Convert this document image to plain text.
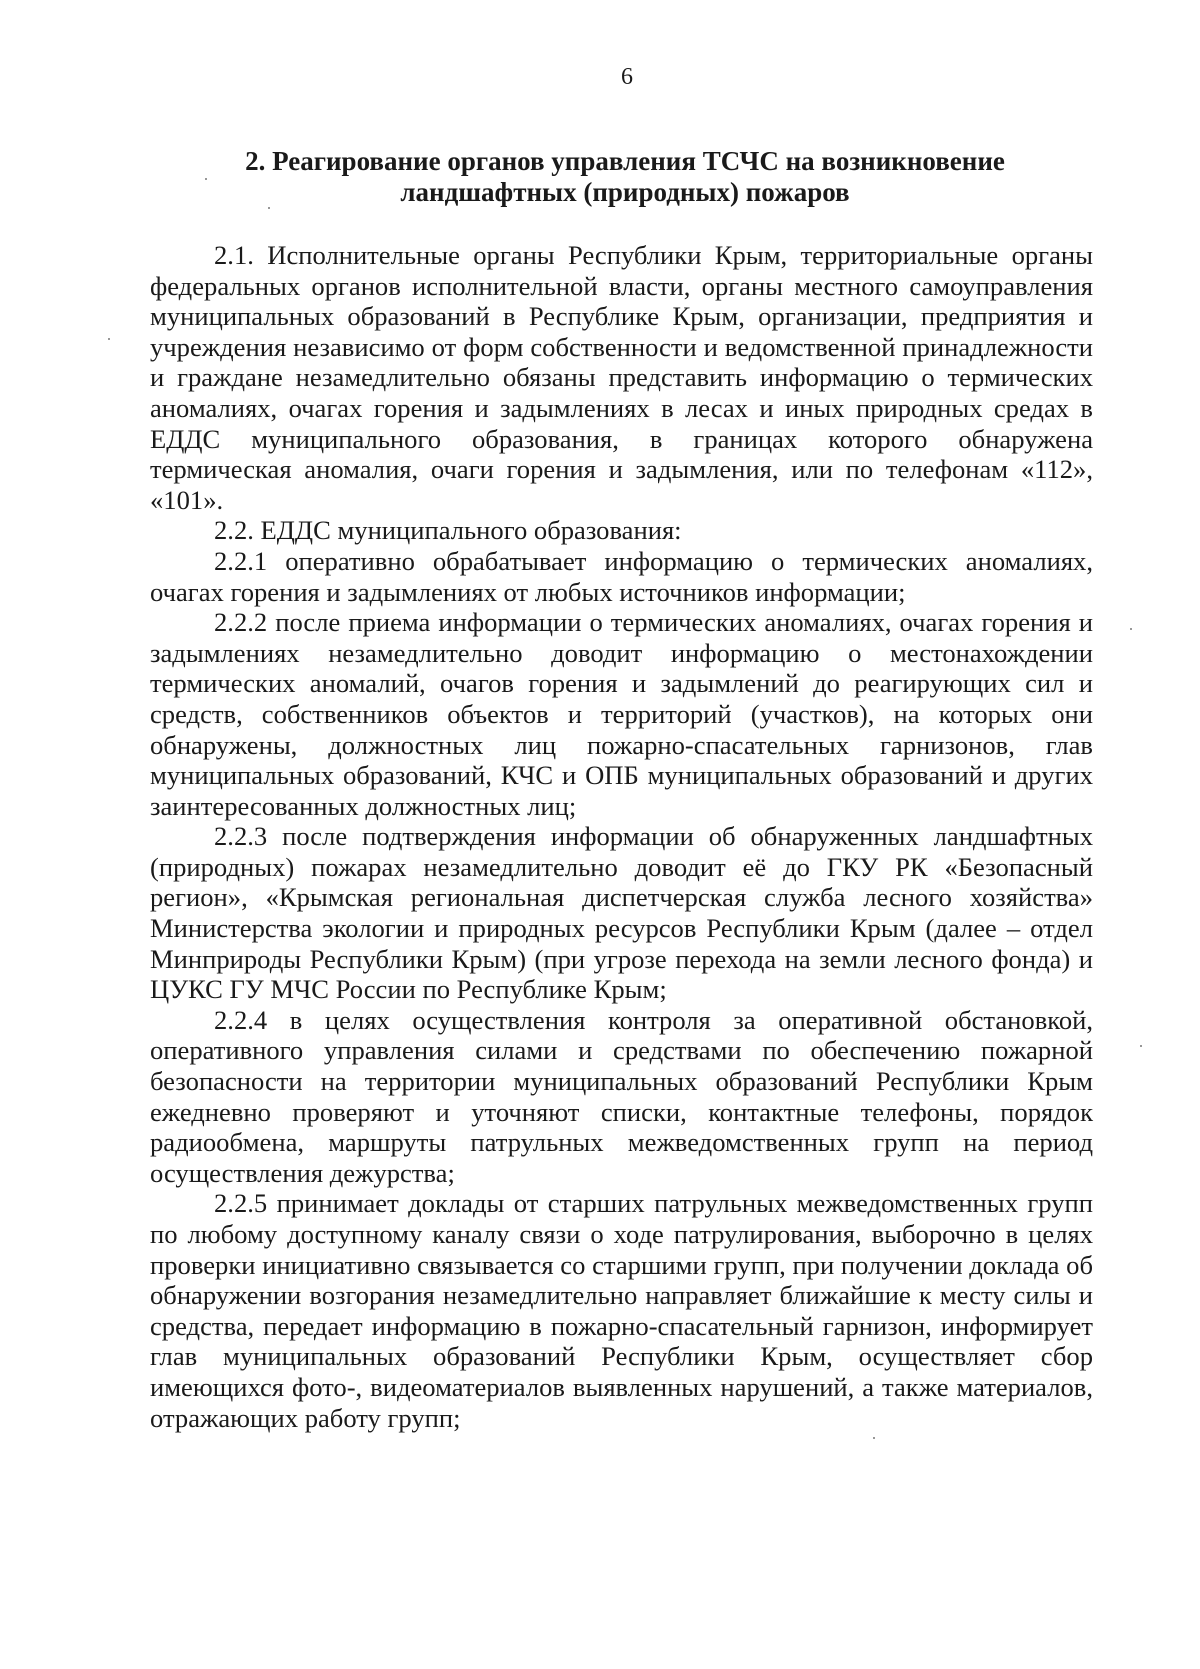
6
2. Реагирование органов управления ТСЧС на возникновение
ландшафтных (природных) пожаров

2.1. Исполнительные органы Республики Крым, территориальные органы федеральных органов исполнительной власти, органы местного самоуправления муниципальных образований в Республике Крым, организации, предприятия и учреждения независимо от форм собственности и ведомственной принадлежности и граждане незамедлительно обязаны представить информацию о термических аномалиях, очагах горения и задымлениях в лесах и иных природных средах в ЕДДС муниципального образования, в границах которого обнаружена термическая аномалия, очаги горения и задымления, или по телефонам «112», «101».

2.2. ЕДДС муниципального образования:

2.2.1 оперативно обрабатывает информацию о термических аномалиях, очагах горения и задымлениях от любых источников информации;

2.2.2 после приема информации о термических аномалиях, очагах горения и задымлениях незамедлительно доводит информацию о местонахождении термических аномалий, очагов горения и задымлений до реагирующих сил и средств, собственников объектов и территорий (участков), на которых они обнаружены, должностных лиц пожарно-спасательных гарнизонов, глав муниципальных образований, КЧС и ОПБ муниципальных образований и других заинтересованных должностных лиц;

2.2.3 после подтверждения информации об обнаруженных ландшафтных (природных) пожарах незамедлительно доводит её до ГКУ РК «Безопасный регион», «Крымская региональная диспетчерская служба лесного хозяйства» Министерства экологии и природных ресурсов Республики Крым (далее – отдел Минприроды Республики Крым) (при угрозе перехода на земли лесного фонда) и ЦУКС ГУ МЧС России по Республике Крым;

2.2.4 в целях осуществления контроля за оперативной обстановкой, оперативного управления силами и средствами по обеспечению пожарной безопасности на территории муниципальных образований Республики Крым ежедневно проверяют и уточняют списки, контактные телефоны, порядок радиообмена, маршруты патрульных межведомственных групп на период осуществления дежурства;

2.2.5 принимает доклады от старших патрульных межведомственных групп по любому доступному каналу связи о ходе патрулирования, выборочно в целях проверки инициативно связывается со старшими групп, при получении доклада об обнаружении возгорания незамедлительно направляет ближайшие к месту силы и средства, передает информацию в пожарно-спасательный гарнизон, информирует глав муниципальных образований Республики Крым, осуществляет сбор имеющихся фото-, видеоматериалов выявленных нарушений, а также материалов, отражающих работу групп;
